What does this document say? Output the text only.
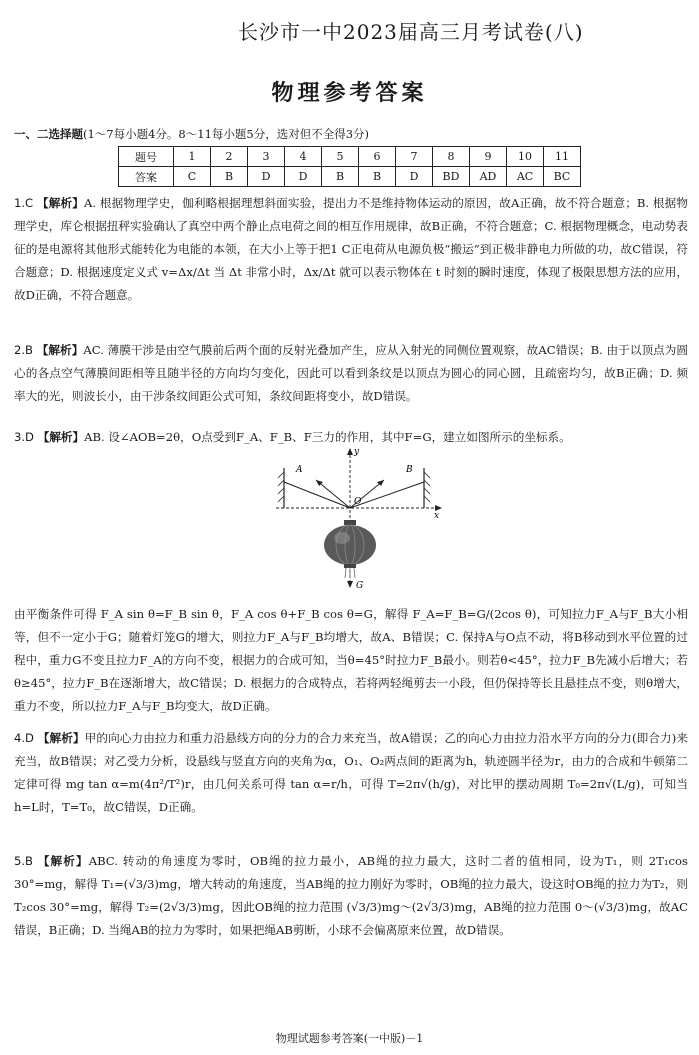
长沙市一中2023届高三月考试卷(八)
物理参考答案
一、二选择题(1～7每小题4分。8～11每小题5分，选对但不全得3分)
题号	1	2	3	4	5	6	7	8	9	10	11
答案	C	B	D	D	B	B	D	BD	AD	AC	BC
1.C 【解析】A. 根据物理学史，伽利略根据理想斜面实验，提出力不是维持物体运动的原因，故A正确，故不符合题意；B. 根据物理学史，库仑根据扭秤实验确认了真空中两个静止点电荷之间的相互作用规律，故B正确，不符合题意；C. 根据物理概念，电动势表征的是电源将其他形式能转化为电能的本领，在大小上等于把1 C正电荷从电源负极“搬运”到正极非静电力所做的功，故C错误，符合题意；D. 根据速度定义式 v=Δx/Δt 当 Δt 非常小时，Δx/Δt 就可以表示物体在 t 时刻的瞬时速度，体现了极限思想方法的应用，故D正确，不符合题意。
2.B 【解析】AC. 薄膜干涉是由空气膜前后两个面的反射光叠加产生，应从入射光的同侧位置观察，故AC错误；B. 由于以顶点为圆心的各点空气薄膜间距相等且随半径的方向均匀变化，因此可以看到条纹是以顶点为圆心的同心圆，且疏密均匀，故B正确；D. 频率大的光，则波长小，由干涉条纹间距公式可知，条纹间距将变小，故D错误。
3.D 【解析】AB. 设∠AOB=2θ，O点受到F_A、F_B、F三力的作用，其中F=G，建立如图所示的坐标系。
A	B
O
x
y
G
由平衡条件可得 F_A sin θ=F_B sin θ，F_A cos θ+F_B cos θ=G，解得 F_A=F_B=G/(2cos θ)，可知拉力F_A与F_B大小相等，但不一定小于G；随着灯笼G的增大，则拉力F_A与F_B均增大，故A、B错误；C. 保持A与O点不动，将B移动到水平位置的过程中，重力G不变且拉力F_A的方向不变，根据力的合成可知，当θ=45°时拉力F_B最小。则若θ<45°，拉力F_B先减小后增大；若θ≥45°，拉力F_B在逐渐增大，故C错误；D. 根据力的合成特点，若将两轻绳剪去一小段，但仍保持等长且悬挂点不变，则θ增大，重力不变，所以拉力F_A与F_B均变大，故D正确。
4.D 【解析】甲的向心力由拉力和重力沿悬线方向的分力的合力来充当，故A错误；乙的向心力由拉力沿水平方向的分力(即合力)来充当，故B错误；对乙受力分析，设悬线与竖直方向的夹角为α，O₁、O₂两点间的距离为h，轨迹圆半径为r，由力的合成和牛顿第二定律可得 mg tan α=m(4π²/T²)r，由几何关系可得 tan α=r/h，可得 T=2π√(h/g)，对比甲的摆动周期 T₀=2π√(L/g)，可知当h=L时，T=T₀，故C错误，D正确。
5.B 【解析】ABC. 转动的角速度为零时，OB绳的拉力最小，AB绳的拉力最大，这时二者的值相同，设为T₁，则 2T₁cos 30°=mg，解得 T₁=(√3/3)mg，增大转动的角速度，当AB绳的拉力刚好为零时，OB绳的拉力最大，设这时OB绳的拉力为T₂，则 T₂cos 30°=mg，解得 T₂=(2√3/3)mg，因此OB绳的拉力范围 (√3/3)mg～(2√3/3)mg，AB绳的拉力范围 0～(√3/3)mg，故AC错误，B正确；D. 当绳AB的拉力为零时，如果把绳AB剪断，小球不会偏离原来位置，故D错误。
物理试题参考答案(一中版)－1
